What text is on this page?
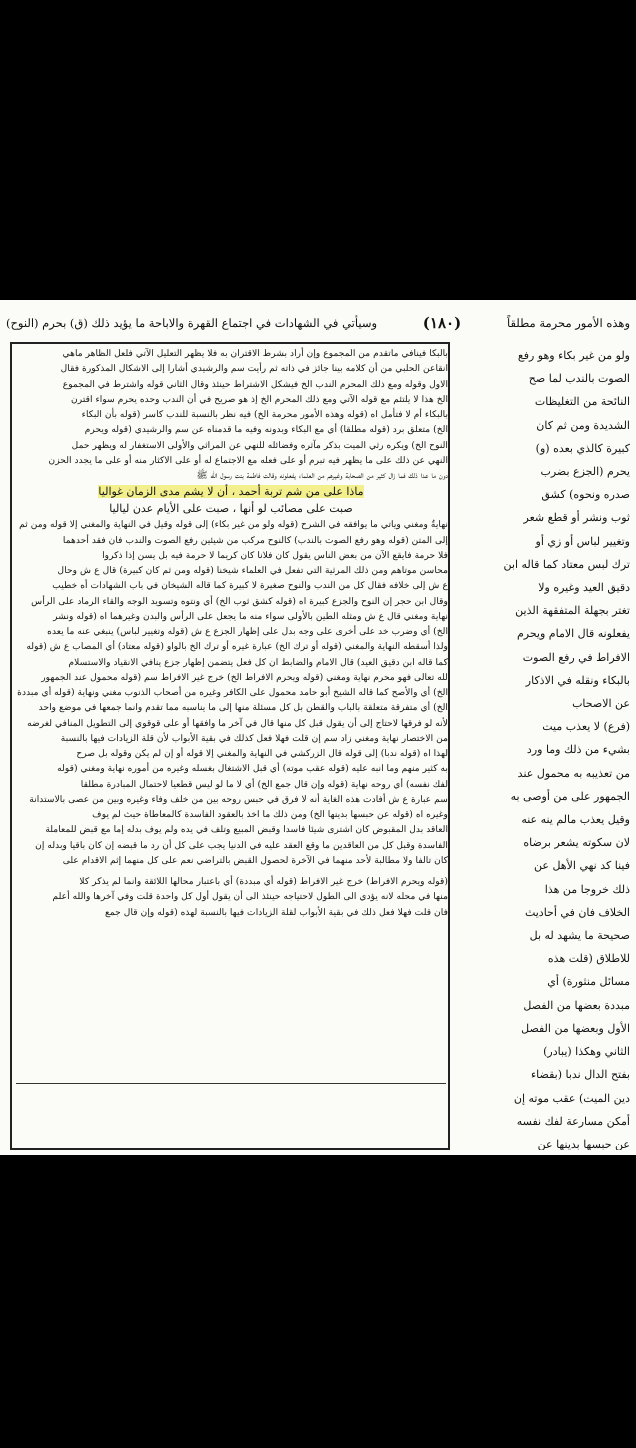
وهذه الأمور محرمة مطلقاً
(١٨٠)
وسيأتي في الشهادات في اجتماع القهرة والاباحة ما يؤيد ذلك (ق) بحرم (النوح)
ولو من غير بكاء وهو رفع
الصوت بالندب لما صح
النائحة من التغليظات
الشديدة ومن ثم كان
كبيرة كالذي بعده (و)
يحرم (الجزع بضرب
صدره ونحوه) كشق
ثوب ونشر أو قطع شعر
وتغيير لباس أو زي أو
ترك لبس معتاد كما قاله ابن
دقيق العيد وغيره ولا
تغتر بجهلة المتفقهة الذين
يفعلونه قال الامام ويحرم
الافراط في رفع الصوت
بالبكاء ونقله في الاذكار
عن الاصحاب
(فرع) لا يعذب ميت
بشيء من ذلك وما ورد
من تعذيبه به محمول عند
الجمهور على من أوصى به
وقيل يعذب مالم ينه عنه
لان سكوته يشعر برضاه
فينا كد نهي الأهل عن
ذلك خروجا من هذا
الخلاف فان في أحاديث
صحيحة ما يشهد له بل
للاطلاق (قلت هذه
مسائل منثورة) أي
مبددة بعضها من الفصل
الأول وبعضها من الفصل
الثاني وهكذا (يبادر)
بفتح الدال ندبا (بقضاء
دين الميت) عقب موته إن
أمكن مسارعة لفك نفسه
عن حبسها بدينها عن
بالبكا فينافي ماتقدم من المجموع وإن أراد بشرط الاقتران به فلا يظهر التعليل الآتي فلعل الظاهر ماهي
انقاعن الحلبي من أن كلامه بينا جائز في ذاته ثم رأيت سم والرشيدي أشارا إلى الاشكال المذكورة فقال
الاول وقوله ومع ذلك المحرم الندب الخ فيشكل الاشتراط حينئذ وقال الثاني قوله واشترط في المجموع
الخ هذا لا يلتئم مع قوله الآتي ومع ذلك المحرم الخ إذ هو صريح في أن الندب وحده يحرم سواء اقترن
بالبكاء أم لا فتأمل اه (قوله وهذه الأمور محرمة الخ) فيه نظر بالنسبة للندب كاسر (قوله بأن البكاء
الخ) متعلق برد (قوله مطلقا) أي مع البكاء وبدونه وفيه ما قدمناه عن سم والرشيدي (قوله ويحرم
النوح الخ) ويكره رثي الميت بذكر مآثره وفضائله للنهي عن المراثي والأولى الاستغفار له ويظهر حمل
النهي عن ذلك على ما يظهر فيه تبرم أو على فعله مع الاجتماع له أو على الاكثار منه أو على ما يجدد الحزن
دون ما عدا ذلك فما زال كثير من الصحابة وغيرهم من العلماء يفعلونه وقالت فاطمة بنت رسول الله ﷺ
ماذا على من شم تربة أحمد ، أن لا يشم مدى الزمان غواليا
صبت على مصائب لو أنها ، صبت على الأيام عدن لياليا
نهايةٌ ومغني وياتي ما يوافقه في الشرح (قوله ولو من غير بكاء) إلى قوله وقيل في النهاية والمغني إلا قوله ومن ثم
إلى المتن (قوله وهو رفع الصوت بالندب) كالنوح مركب من شيئين رفع الصوت والندب فان فقد أحدهما
فلا حرمة فايقع الآن من بعض الناس يقول كان فلانا كان كريما لا حرمة فيه بل يسن إذا ذكروا
محاسن موتاهم ومن ذلك المرثية التي تفعل في العلماء شيخنا (قوله ومن ثم كان كبيرة) قال ع ش وحال
ع ش إلى خلافه فقال كل من الندب والنوح صغيرة لا كبيرة كما قاله الشيخان في باب الشهادات أه خطيب
وقال ابن حجر إن النوح والجزع كبيرة اه (قوله كشق ثوب الخ) أي ونتوه وتسويد الوجه والقاء الرماد على الرأس
نهاية ومغني قال ع ش ومثله الطين بالأولى سواء منه ما يجعل على الرأس والبدن وغيرهما اه (قوله ونشر
الخ) أي وضرب خد على أخرى على وجه بدل على إظهار الجزع ع ش (قوله وتغيير لباس) ينبغي عنه ما يعده
ولذا أسقطه النهاية والمغني (قوله أو ترك الخ) عبارة غيره أو ترك الخ بالواو (قوله معتاد) أي المصاب ع ش (قوله
كما قاله ابن دقيق العيد) قال الامام والضابط ان كل فعل يتضمن إظهار جزع ينافي الانقياد والاستسلام
لله تعالى فهو محرم نهاية ومغني (قوله ويحرم الافراط الخ) خرج غير الافراط سم (قوله محمول عند الجمهور
الخ) أي والأصح كما قاله الشيخ أبو حامد محمول على الكافر وغيره من أصحاب الذنوب مغني ونهاية (قوله أي مبددة
الخ) أي متفرقة متعلقة بالباب والقطن بل كل مسئلة منها إلى ما يناسبه مما تقدم وانما جمعها في موضع واحد
لأنه لو فرقها لاحتاج إلى أن يقول قبل كل منها قال في آخر ما وافقها أو على قوقوي إلى التطويل المنافي لغرضه
من الاختصار نهاية ومغني زاد سم إن قلت فهلا فعل كذلك في بقية الأبواب لأن قلة الزيادات فيها بالنسبة
لهذا اه (قوله ندبا) إلى قوله قال الزركشي في النهاية والمغني إلا قوله أو إن لم يكن وقوله بل صرح
به كثير منهم وما انبه عليه (قوله عقب موته) أي قبل الاشتغال بغسله وغيره من أموره نهاية ومغني (قوله
لفك نفسه) أي روحه نهاية (قوله وإن قال جمع الخ) أي لا ما لو ليس قطعيا لاحتمال المبادرة مطلقا
سم عبارة ع ش أفادت هذه الغاية أنه لا فرق في حبس روحه بين من خلف وفاء وغيره وبين من عصى بالاستدانة
وغيره اه (قوله عن حبسها بدينها الخ) ومن ذلك ما اخذ بالعقود الفاسدة كالمعاطاة حيث لم يوف
العاقد بدل المقبوض كان اشترى شيئا فاسدا وقبض المبيع وتلف في يده ولم يوف بدله إما مع قبض للمعاملة
الفاسدة وقبل كل من العاقدين ما وقع العقد عليه في الدنيا يجب على كل أن رد ما قبضه إن كان باقيا وبدله إن
كان تالفا ولا مطالبة لأحد منهما في الآخرة لحصول القبض بالتراضي نعم على كل منهما إثم الاقدام على
(قوله ويحرم الافراط) خرج غير الافراط (قوله أي مبددة) أي باعتبار محالها اللائقة وانما لم يذكر كلا
منها في محله لانه يؤدي الى الطول لاحتياجه حينئذ الى أن يقول أول كل واحدة قلت وفي آخرها والله أعلم
فان قلت فهلا فعل ذلك في بقية الأبواب لقلة الزيادات فيها بالنسبة لهذه (قوله وإن قال جمع
